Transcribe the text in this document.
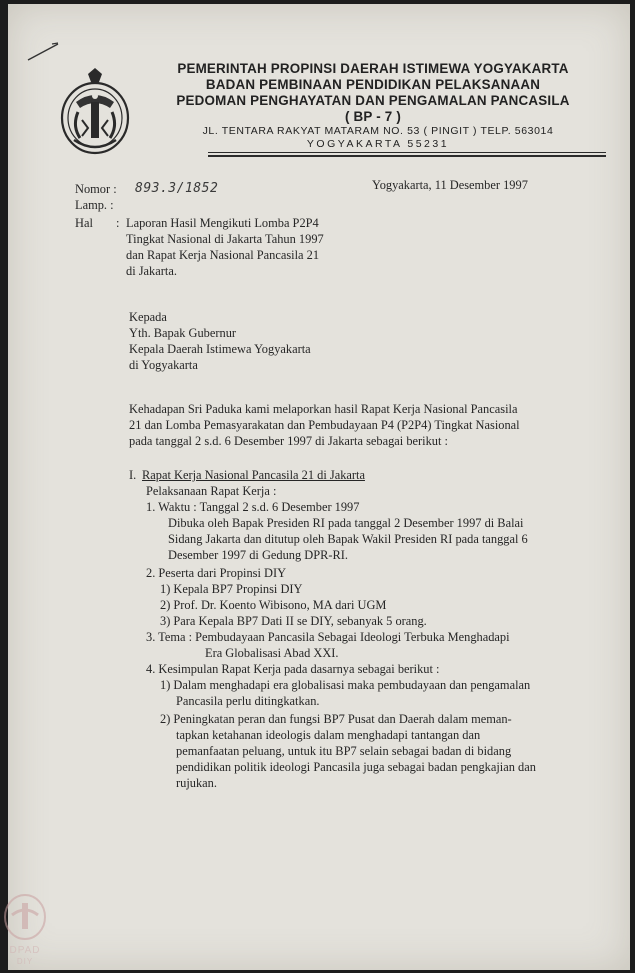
PEMERINTAH PROPINSI DAERAH ISTIMEWA YOGYAKARTA
BADAN PEMBINAAN PENDIDIKAN PELAKSANAAN
PEDOMAN PENGHAYATAN DAN PENGAMALAN PANCASILA
( BP - 7 )
JL. TENTARA RAKYAT MATARAM NO. 53 ( PINGIT ) TELP. 563014
YOGYAKARTA 55231
Nomor : 893.3/1852	Yogyakarta, 11 Desember 1997
Lamp. :
Hal : Laporan Hasil Mengikuti Lomba P2P4
Tingkat Nasional di Jakarta Tahun 1997
dan Rapat Kerja Nasional Pancasila 21
di Jakarta.
Kepada
Yth. Bapak Gubernur
Kepala Daerah Istimewa Yogyakarta
di Yogyakarta
Kehadapan Sri Paduka kami melaporkan hasil Rapat Kerja Nasional Pancasila
21 dan Lomba Pemasyarakatan dan Pembudayaan P4 (P2P4) Tingkat Nasional
pada tanggal 2 s.d. 6 Desember 1997 di Jakarta sebagai berikut :
I. Rapat Kerja Nasional Pancasila 21 di Jakarta
Pelaksanaan Rapat Kerja :
1. Waktu : Tanggal 2 s.d. 6 Desember 1997
Dibuka oleh Bapak Presiden RI pada tanggal 2 Desember 1997 di Balai
Sidang Jakarta dan ditutup oleh Bapak Wakil Presiden RI pada tanggal 6
Desember 1997 di Gedung DPR-RI.
2. Peserta dari Propinsi DIY
1) Kepala BP7 Propinsi DIY
2) Prof. Dr. Koento Wibisono, MA dari UGM
3) Para Kepala BP7 Dati II se DIY, sebanyak 5 orang.
3. Tema : Pembudayaan Pancasila Sebagai Ideologi Terbuka Menghadapi
Era Globalisasi Abad XXI.
4. Kesimpulan Rapat Kerja pada dasarnya sebagai berikut :
1) Dalam menghadapi era globalisasi maka pembudayaan dan pengamalan
Pancasila perlu ditingkatkan.
2) Peningkatan peran dan fungsi BP7 Pusat dan Daerah dalam meman-
tapkan ketahanan ideologis dalam menghadapi tantangan dan
pemanfaatan peluang, untuk itu BP7 selain sebagai badan di bidang
pendidikan politik ideologi Pancasila juga sebagai badan pengkajian dan
rujukan.
DPAD
DIY
